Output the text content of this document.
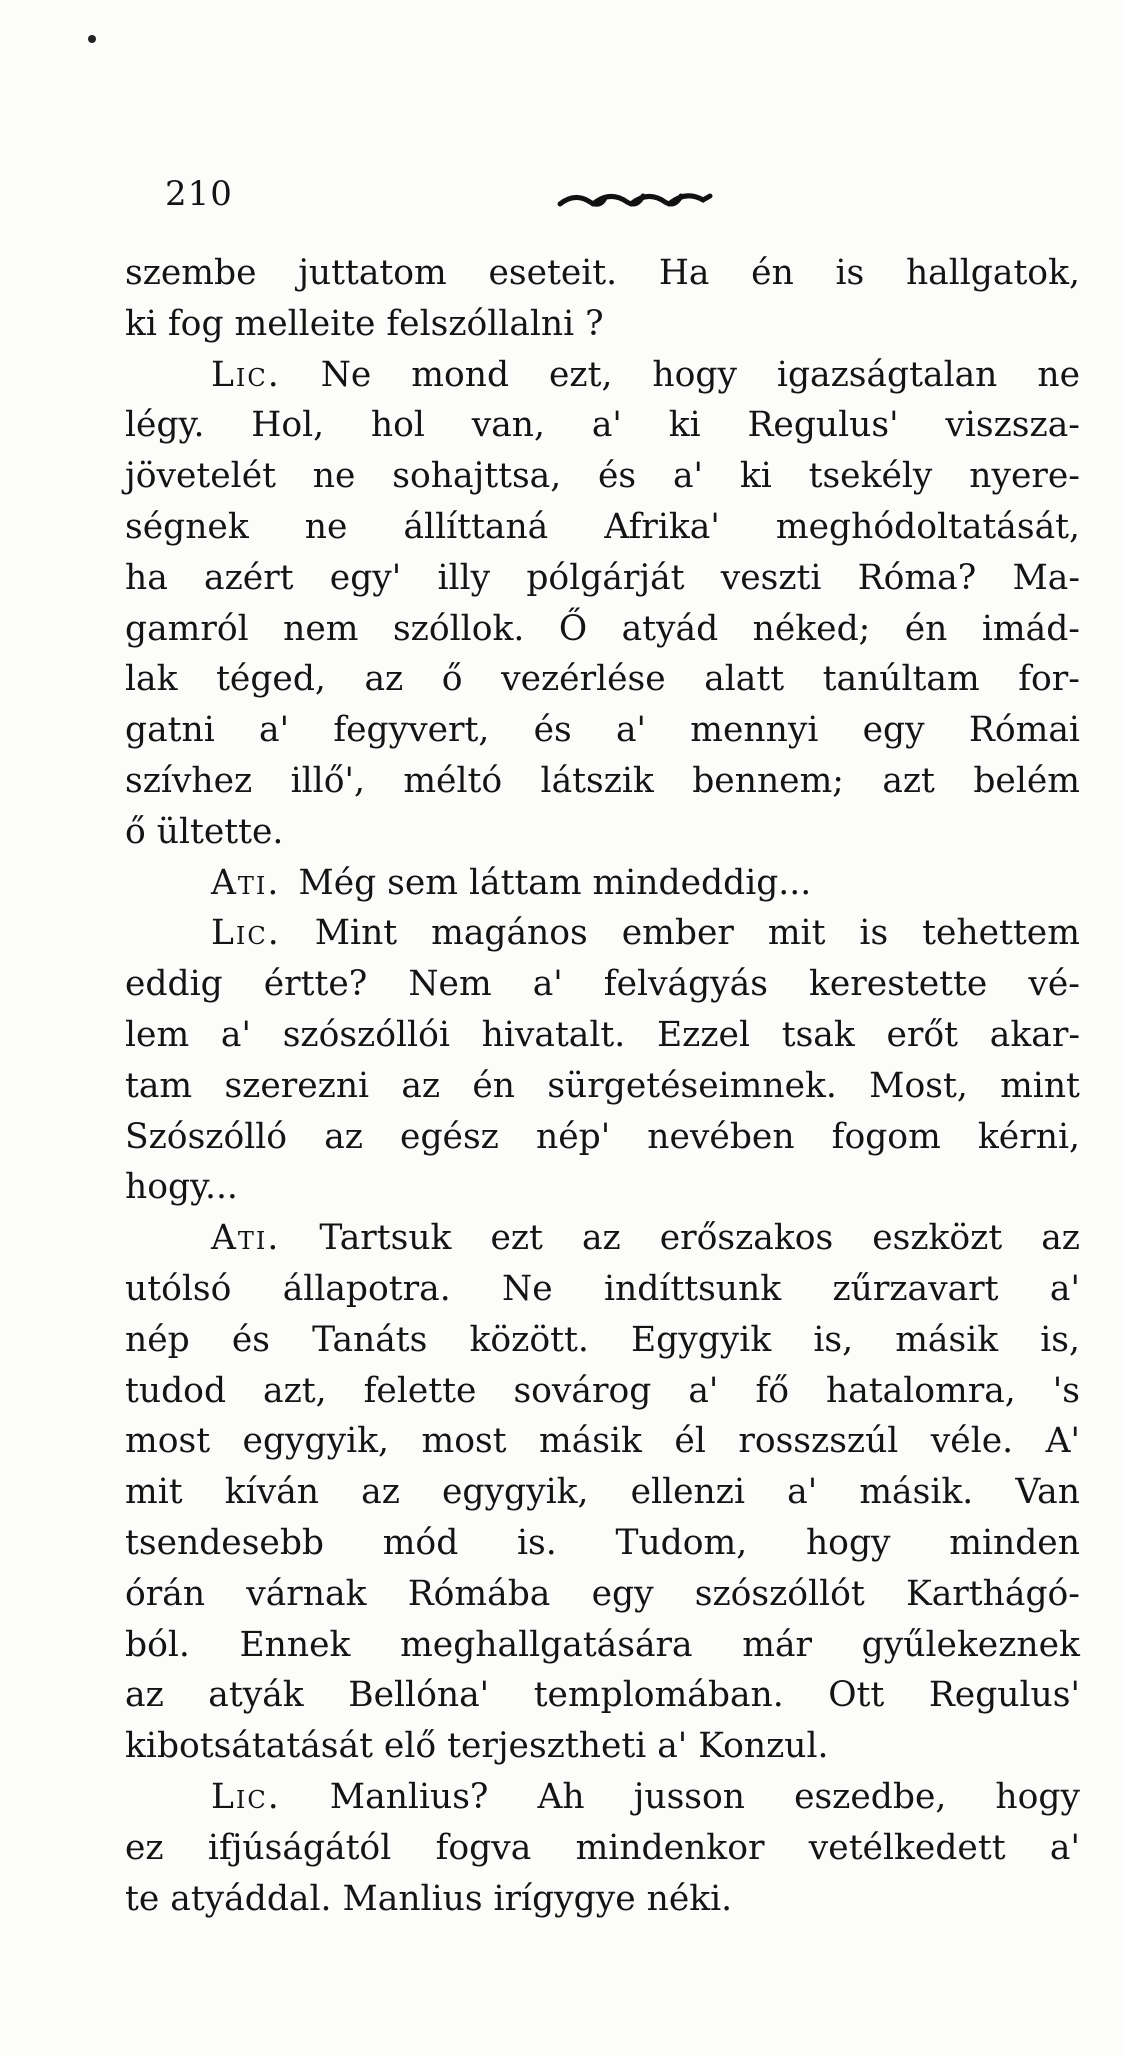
210
szembe juttatom eseteit. Ha én is hallgatok,
ki fog melleite felszóllalni ?
Lic. Ne mond ezt, hogy igazságtalan ne
légy. Hol, hol van, a' ki Regulus' viszsza-
jövetelét ne sohajttsa, és a' ki tsekély nyere-
ségnek ne állíttaná Afrika' meghódoltatását,
ha azért egy' illy pólgárját veszti Róma? Ma-
gamról nem szóllok. Ő atyád néked; én imád-
lak téged, az ő vezérlése alatt tanúltam for-
gatni a' fegyvert, és a' mennyi egy Római
szívhez illő', méltó látszik bennem; azt belém
ő ültette.
Ati. Még sem láttam mindeddig...
Lic. Mint magános ember mit is tehettem
eddig értte? Nem a' felvágyás kerestette vé-
lem a' szószóllói hivatalt. Ezzel tsak erőt akar-
tam szerezni az én sürgetéseimnek. Most, mint
Szószólló az egész nép' nevében fogom kérni,
hogy...
Ati. Tartsuk ezt az erőszakos eszközt az
utólsó állapotra. Ne indíttsunk zűrzavart a'
nép és Tanáts között. Egygyik is, másik is,
tudod azt, felette sovárog a' fő hatalomra, 's
most egygyik, most másik él rosszszúl véle. A'
mit kíván az egygyik, ellenzi a' másik. Van
tsendesebb mód is. Tudom, hogy minden
órán várnak Rómába egy szószóllót Karthágó-
ból. Ennek meghallgatására már gyűlekeznek
az atyák Bellóna' templomában. Ott Regulus'
kibotsátatását elő terjesztheti a' Konzul.
Lic. Manlius? Ah jusson eszedbe, hogy
ez ifjúságától fogva mindenkor vetélkedett a'
te atyáddal. Manlius irígygye néki.
